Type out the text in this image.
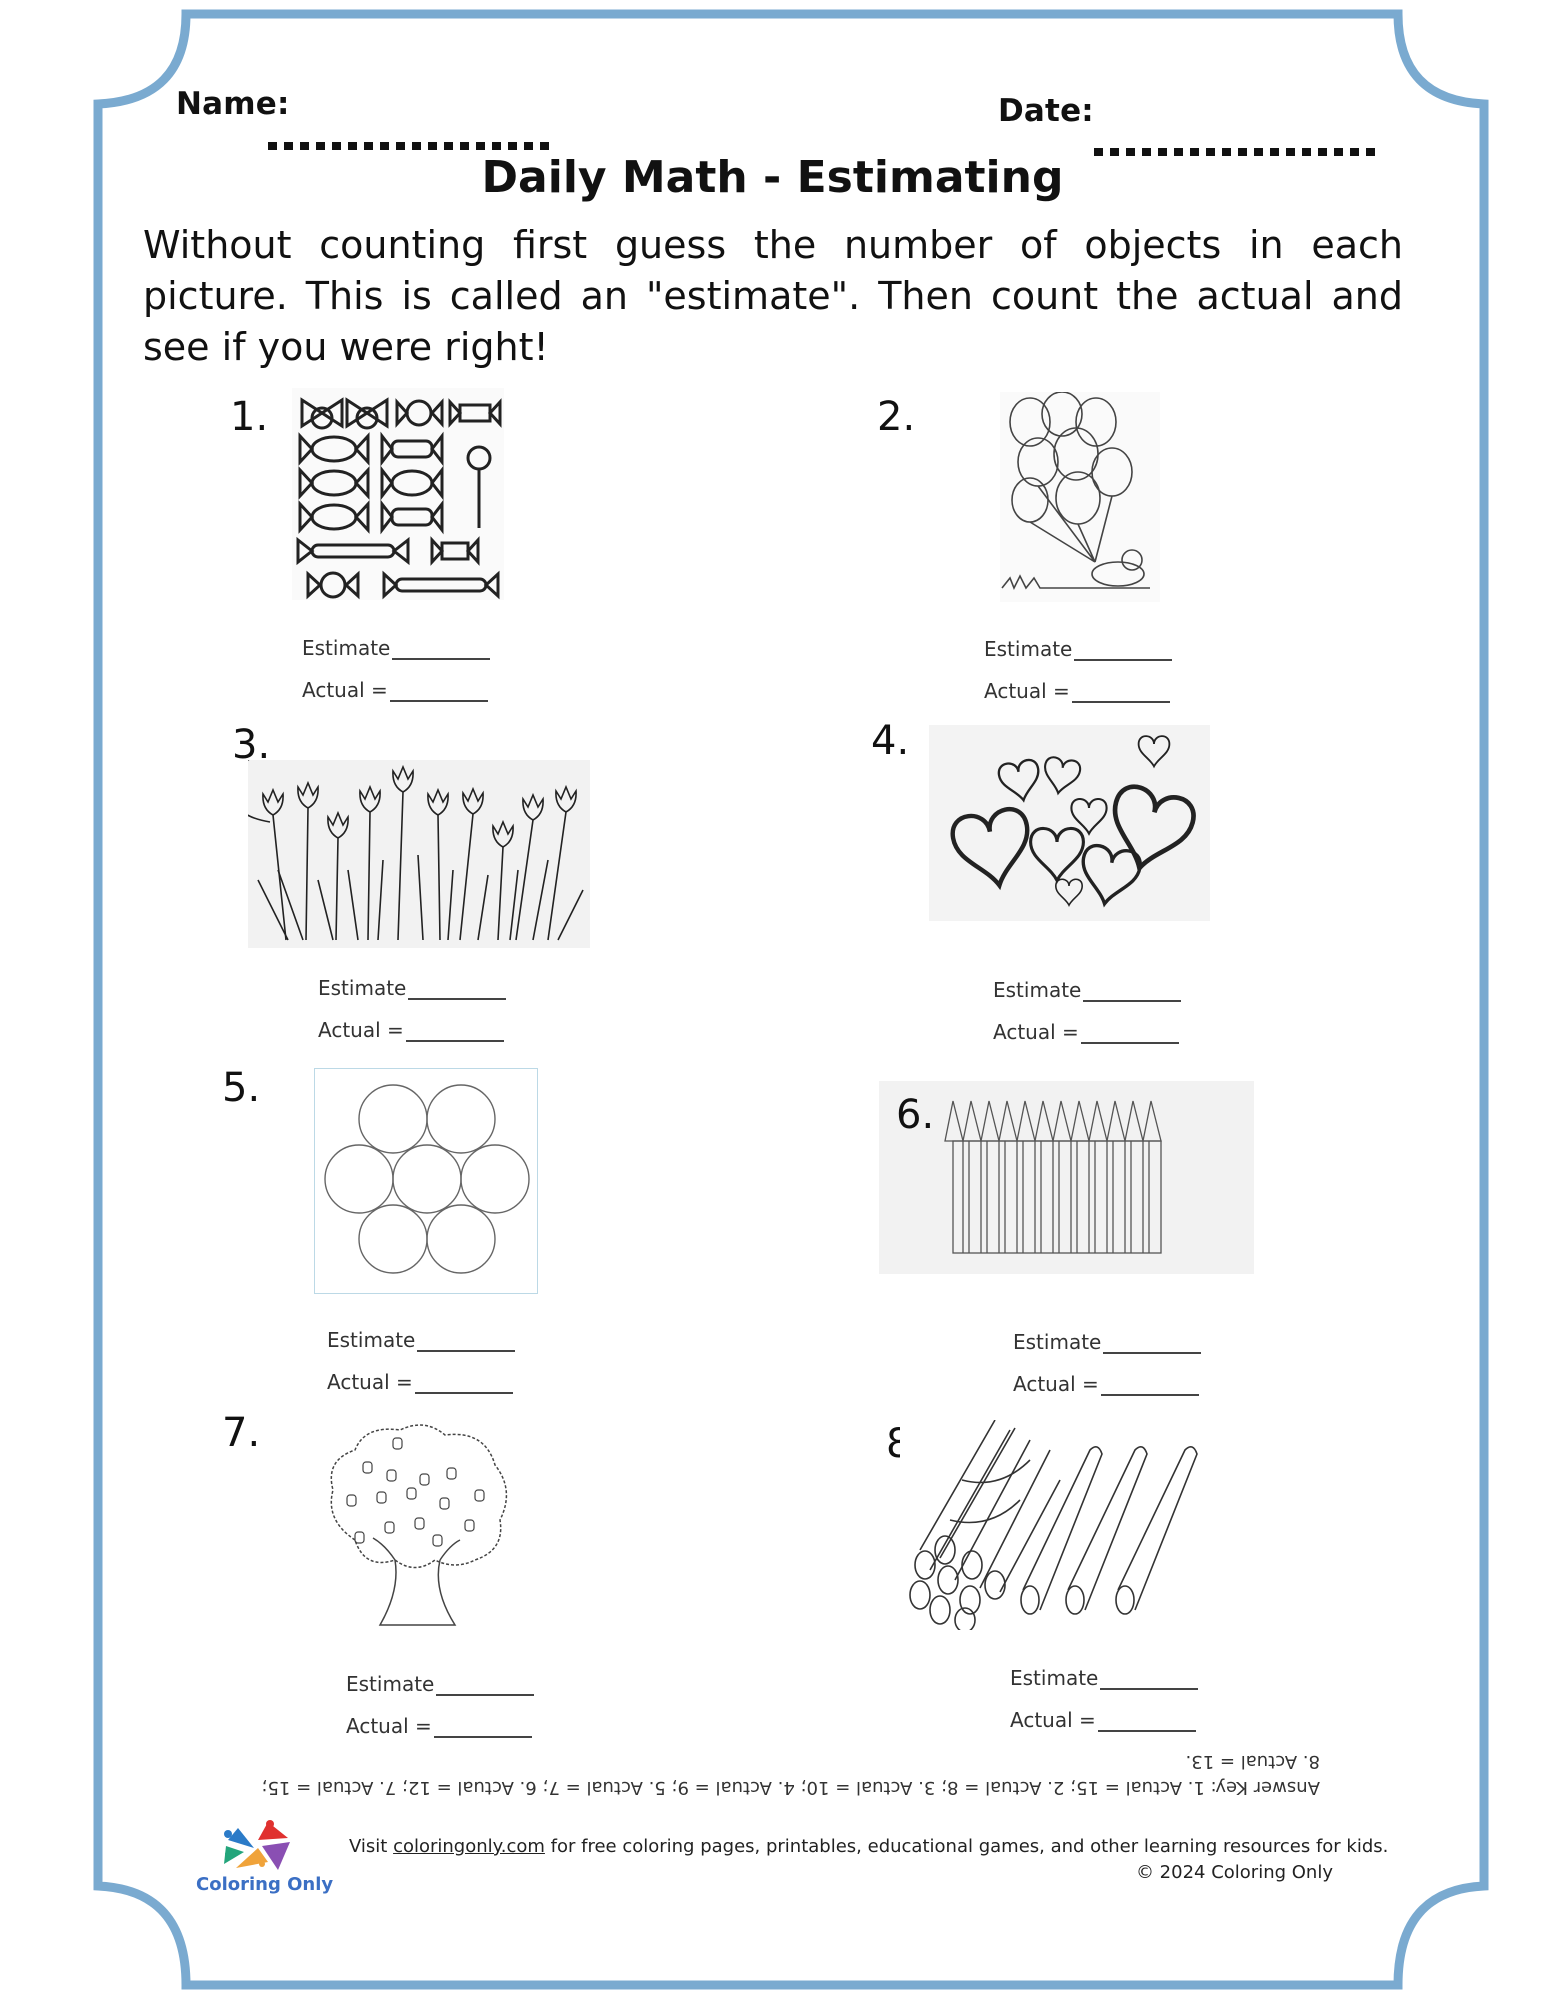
Name:	Date:
Daily Math - Estimating
Without counting first guess the number of objects in each picture. This is called an "estimate". Then count the actual and see if you were right!
1.
Estimate
Actual =
2.
Estimate
Actual =
3.
Estimate
Actual =
4.
Estimate
Actual =
5.
Estimate
Actual =
6.
Estimate
Actual =
7.
Estimate
Actual =
8.
Estimate
Actual =
Answer Key: 1. Actual = 15; 2. Actual = 8; 3. Actual = 10; 4. Actual = 9; 5. Actual = 7; 6. Actual = 12; 7. Actual = 15; 8. Actual = 13.
Coloring Only
Visit coloringonly.com for free coloring pages, printables, educational games, and other learning resources for kids.
© 2024 Coloring Only
